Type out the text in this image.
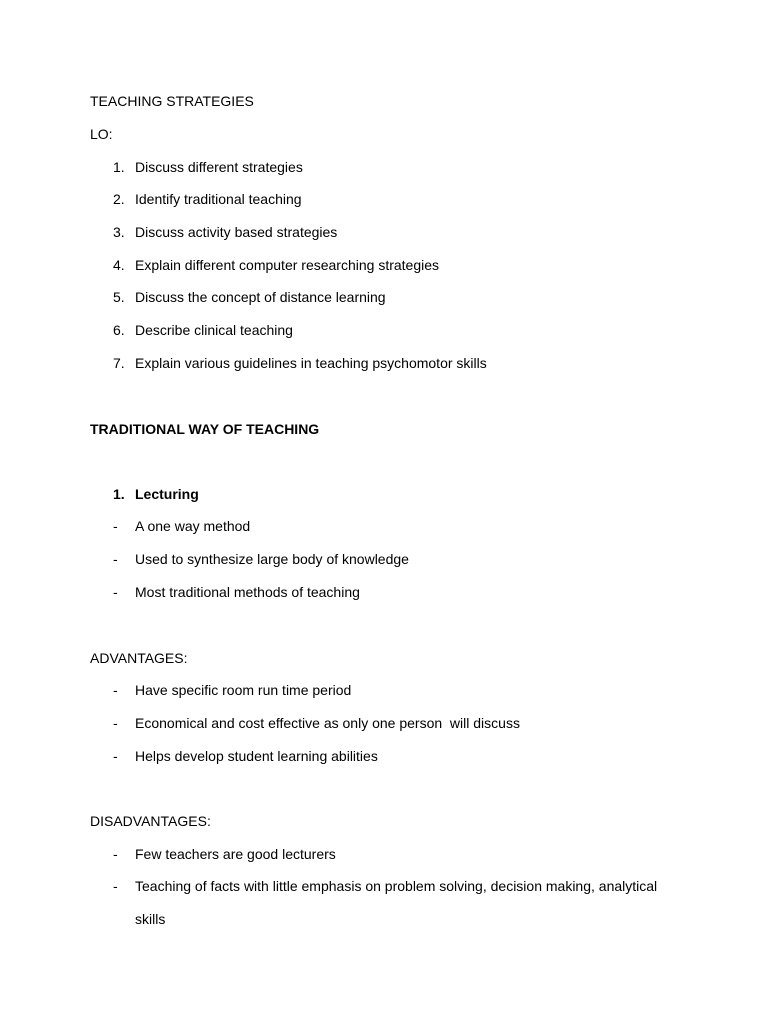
TEACHING STRATEGIES
LO:
1. Discuss different strategies
2. Identify traditional teaching
3. Discuss activity based strategies
4. Explain different computer researching strategies
5. Discuss the concept of distance learning
6. Describe clinical teaching
7. Explain various guidelines in teaching psychomotor skills
TRADITIONAL WAY OF TEACHING
1. Lecturing
- A one way method
- Used to synthesize large body of knowledge
- Most traditional methods of teaching
ADVANTAGES:
- Have specific room run time period
- Economical and cost effective as only one person  will discuss
- Helps develop student learning abilities
DISADVANTAGES:
- Few teachers are good lecturers
- Teaching of facts with little emphasis on problem solving, decision making, analytical
skills
